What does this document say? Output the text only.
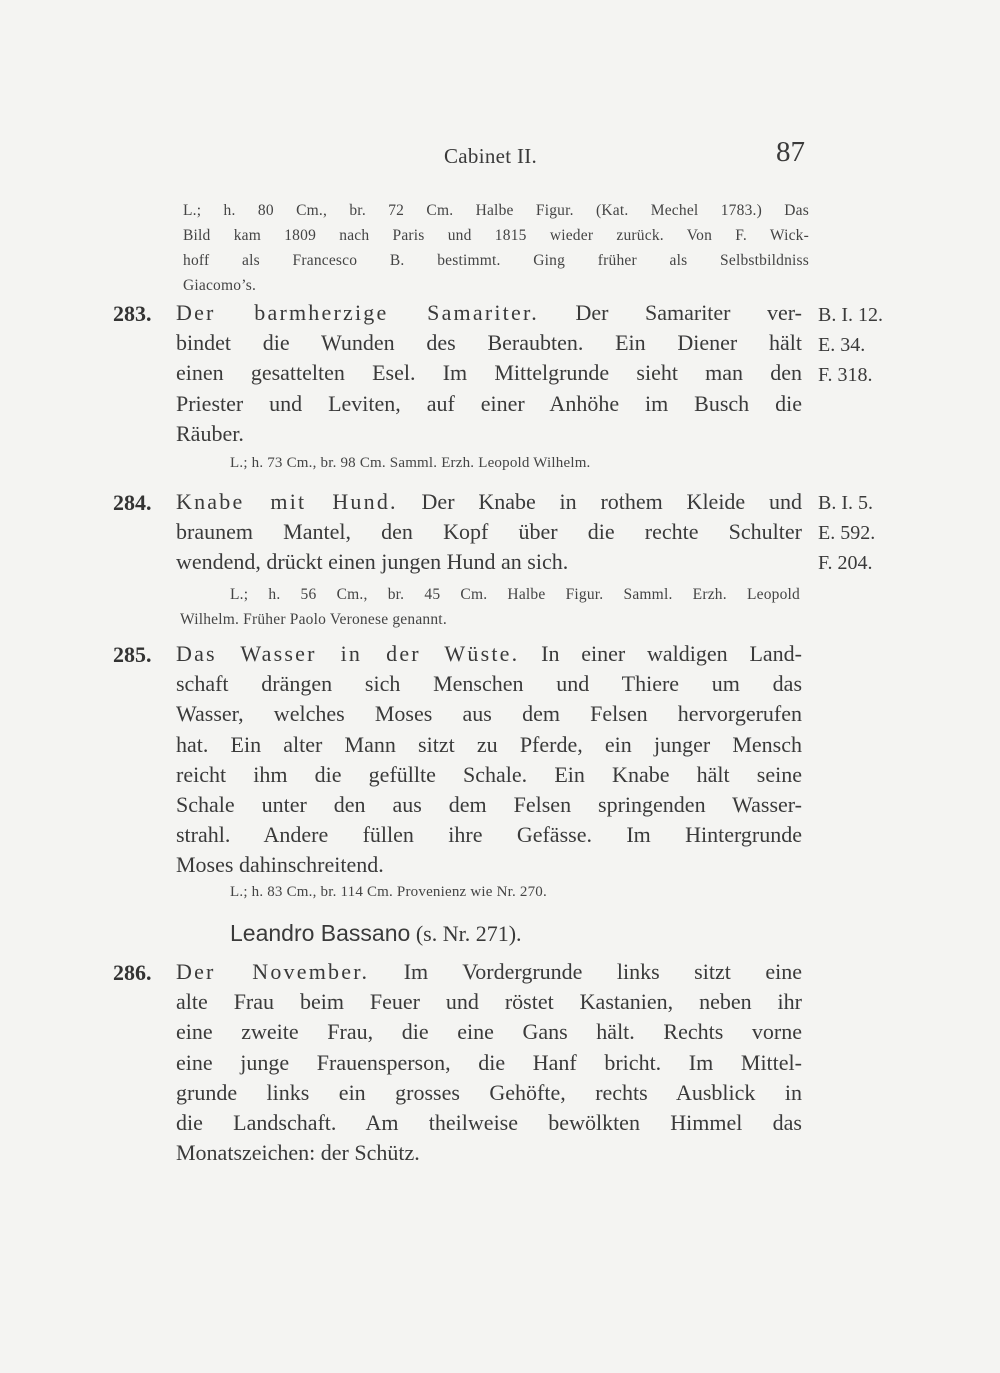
Cabinet II.	87
L.; h. 80 Cm., br. 72 Cm. Halbe Figur. (Kat. Mechel 1783.) Das
Bild kam 1809 nach Paris und 1815 wieder zurück. Von F. Wick-
hoff als Francesco B. bestimmt. Ging früher als Selbstbildniss
Giacomo’s.
283. Der barmherzige Samariter. Der Samariter ver-
bindet die Wunden des Beraubten. Ein Diener hält
einen gesattelten Esel. Im Mittelgrunde sieht man den
Priester und Leviten, auf einer Anhöhe im Busch die
Räuber.
B. I. 12.
E. 34.
F. 318.
L.; h. 73 Cm., br. 98 Cm. Samml. Erzh. Leopold Wilhelm.
284. Knabe mit Hund. Der Knabe in rothem Kleide und
braunem Mantel, den Kopf über die rechte Schulter
wendend, drückt einen jungen Hund an sich.
B. I. 5.
E. 592.
F. 204.
L.; h. 56 Cm., br. 45 Cm. Halbe Figur. Samml. Erzh. Leopold
Wilhelm. Früher Paolo Veronese genannt.
285. Das Wasser in der Wüste. In einer waldigen Land-
schaft drängen sich Menschen und Thiere um das
Wasser, welches Moses aus dem Felsen hervorgerufen
hat. Ein alter Mann sitzt zu Pferde, ein junger Mensch
reicht ihm die gefüllte Schale. Ein Knabe hält seine
Schale unter den aus dem Felsen springenden Wasser-
strahl. Andere füllen ihre Gefässe. Im Hintergrunde
Moses dahinschreitend.
L.; h. 83 Cm., br. 114 Cm. Provenienz wie Nr. 270.
Leandro Bassano (s. Nr. 271).
286. Der November. Im Vordergrunde links sitzt eine
alte Frau beim Feuer und röstet Kastanien, neben ihr
eine zweite Frau, die eine Gans hält. Rechts vorne
eine junge Frauensperson, die Hanf bricht. Im Mittel-
grunde links ein grosses Gehöfte, rechts Ausblick in
die Landschaft. Am theilweise bewölkten Himmel das
Monatszeichen: der Schütz.
